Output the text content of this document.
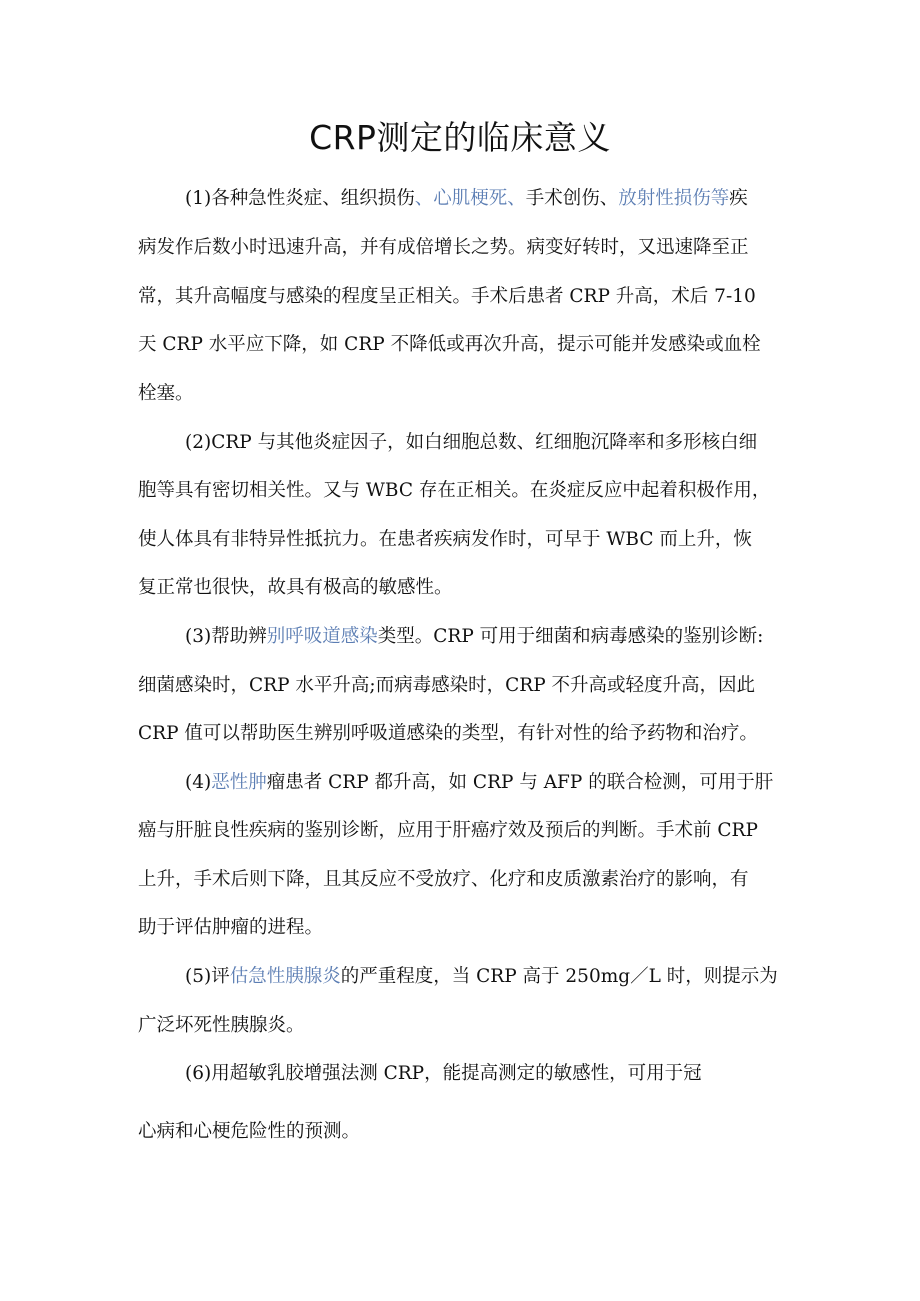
CRP测定的临床意义
(1)各种急性炎症、组织损伤、心肌梗死、手术创伤、放射性损伤等疾
病发作后数小时迅速升高，并有成倍增长之势。病变好转时，又迅速降至正
常，其升高幅度与感染的程度呈正相关。手术后患者 CRP 升高，术后 7-10
天 CRP 水平应下降，如 CRP 不降低或再次升高，提示可能并发感染或血栓
栓塞。
(2)CRP 与其他炎症因子，如白细胞总数、红细胞沉降率和多形核白细
胞等具有密切相关性。又与 WBC 存在正相关。在炎症反应中起着积极作用，
使人体具有非特异性抵抗力。在患者疾病发作时，可早于 WBC 而上升，恢
复正常也很快，故具有极高的敏感性。
(3)帮助辨别呼吸道感染类型。CRP 可用于细菌和病毒感染的鉴别诊断:
细菌感染时，CRP 水平升高;而病毒感染时，CRP 不升高或轻度升高，因此
CRP 值可以帮助医生辨别呼吸道感染的类型，有针对性的给予药物和治疗。
(4)恶性肿瘤患者 CRP 都升高，如 CRP 与 AFP 的联合检测，可用于肝
癌与肝脏良性疾病的鉴别诊断，应用于肝癌疗效及预后的判断。手术前 CRP
上升，手术后则下降，且其反应不受放疗、化疗和皮质激素治疗的影响，有
助于评估肿瘤的进程。
(5)评估急性胰腺炎的严重程度，当 CRP 高于 250mg／L 时，则提示为
广泛坏死性胰腺炎。
(6)用超敏乳胶增强法测 CRP，能提高测定的敏感性，可用于冠
心病和心梗危险性的预测。
